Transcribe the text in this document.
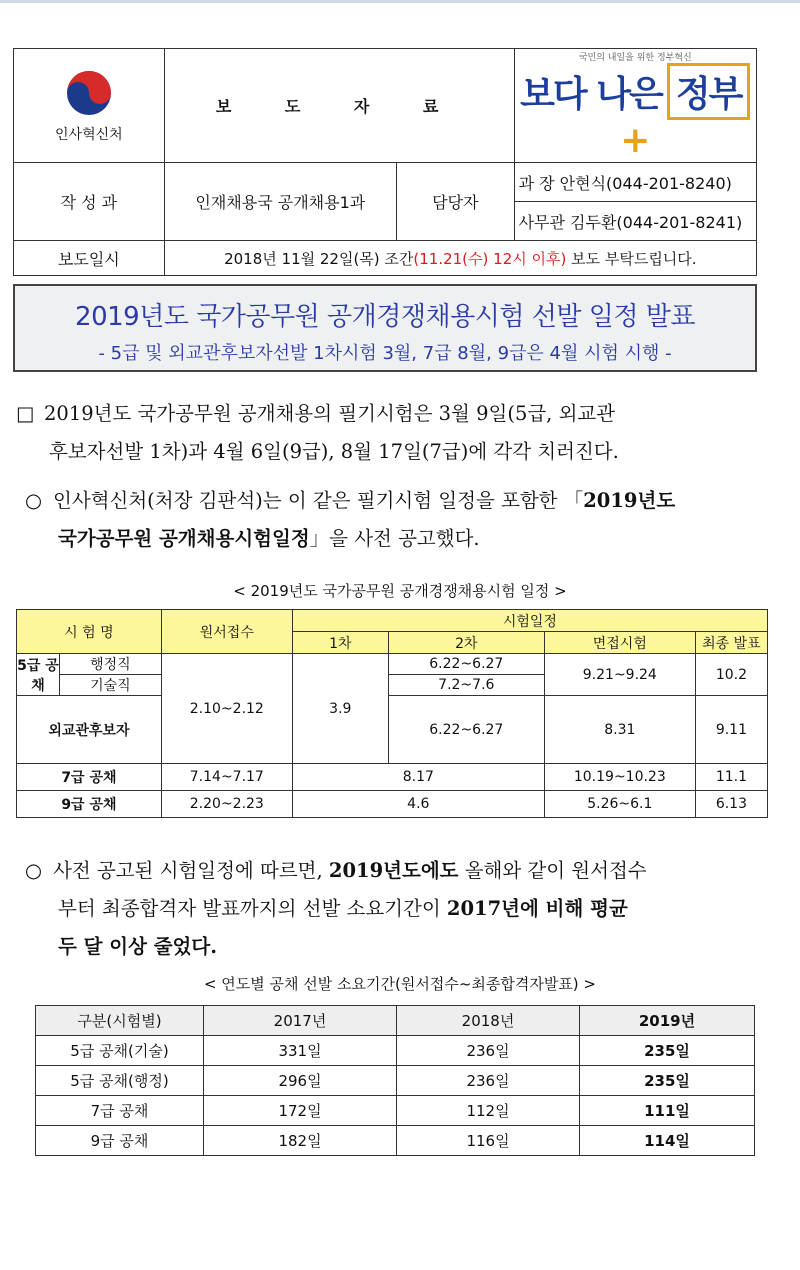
인사혁신처	보 도 자 료		국민의 내일을 위한 정부혁신
보다 나은 정부+

작 성 과	인재채용국 공개채용1과	담당자	과 장 안현식(044-201-8240)
			사무관 김두환(044-201-8241)
보도일시	2018년 11월 22일(목) 조간(11.21(수) 12시 이후) 보도 부탁드립니다.		
2019년도 국가공무원 공개경쟁채용시험 선발 일정 발표
- 5급 및 외교관후보자선발 1차시험 3월, 7급 8월, 9급은 4월 시험 시행 -
□ 2019년도 국가공무원 공개채용의 필기시험은 3월 9일(5급, 외교관
후보자선발 1차)과 4월 6일(9급), 8월 17일(7급)에 각각 치러진다.
○ 인사혁신처(처장 김판석)는 이 같은 필기시험 일정을 포함한 「2019년도
국가공무원 공개채용시험일정」을 사전 공고했다.
< 2019년도 국가공무원 공개경쟁채용시험 일정 >
시 험 명		원서접수	시험일정			
			1차	2차	면접시험	최종 발표
5급 공채	행정직	2.10~2.12	3.9	6.22~6.27	9.21~9.24	10.2
	기술직			7.2~7.6		
외교관후보자				6.22~6.27	8.31	9.11
7급 공채		7.14~7.17	8.17		10.19~10.23	11.1
9급 공채		2.20~2.23	4.6		5.26~6.1	6.13
○ 사전 공고된 시험일정에 따르면, 2019년도에도 올해와 같이 원서접수
부터 최종합격자 발표까지의 선발 소요기간이 2017년에 비해 평균
두 달 이상 줄었다.
< 연도별 공채 선발 소요기간(원서접수~최종합격자발표) >
구분(시험별)	2017년	2018년	2019년
5급 공채(기술)	331일	236일	235일
5급 공채(행정)	296일	236일	235일
7급 공채	172일	112일	111일
9급 공채	182일	116일	114일
